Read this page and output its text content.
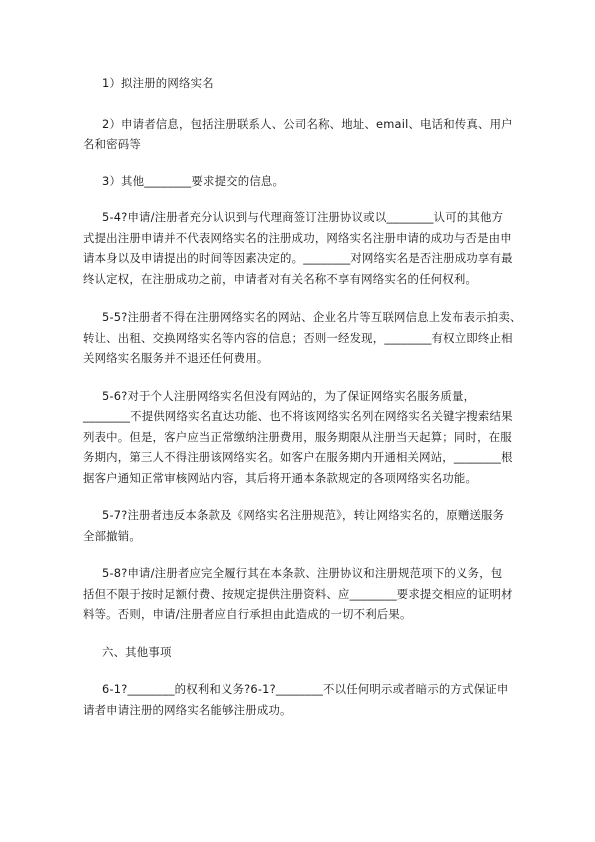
1）拟注册的网络实名

2）申请者信息，包括注册联系人、公司名称、地址、email、电话和传真、用户
名和密码等

3）其他________要求提交的信息。

5-4?申请/注册者充分认识到与代理商签订注册协议或以________认可的其他方
式提出注册申请并不代表网络实名的注册成功，网络实名注册申请的成功与否是由申
请本身以及申请提出的时间等因素决定的。________对网络实名是否注册成功享有最
终认定权，在注册成功之前，申请者对有关名称不享有网络实名的任何权利。

5-5?注册者不得在注册网络实名的网站、企业名片等互联网信息上发布表示拍卖、
转让、出租、交换网络实名等内容的信息；否则一经发现，________有权立即终止相
关网络实名服务并不退还任何费用。

5-6?对于个人注册网络实名但没有网站的，为了保证网络实名服务质量，
________不提供网络实名直达功能、也不将该网络实名列在网络实名关键字搜索结果
列表中。但是，客户应当正常缴纳注册费用，服务期限从注册当天起算；同时，在服
务期内，第三人不得注册该网络实名。如客户在服务期内开通相关网站，________根
据客户通知正常审核网站内容，其后将开通本条款规定的各项网络实名功能。

5-7?注册者违反本条款及《网络实名注册规范》，转让网络实名的，原赠送服务
全部撤销。

5-8?申请/注册者应完全履行其在本条款、注册协议和注册规范项下的义务，包
括但不限于按时足额付费、按规定提供注册资料、应________要求提交相应的证明材
料等。否则，申请/注册者应自行承担由此造成的一切不利后果。

六、其他事项

6-1?________的权利和义务?6-1?________不以任何明示或者暗示的方式保证申
请者申请注册的网络实名能够注册成功。
